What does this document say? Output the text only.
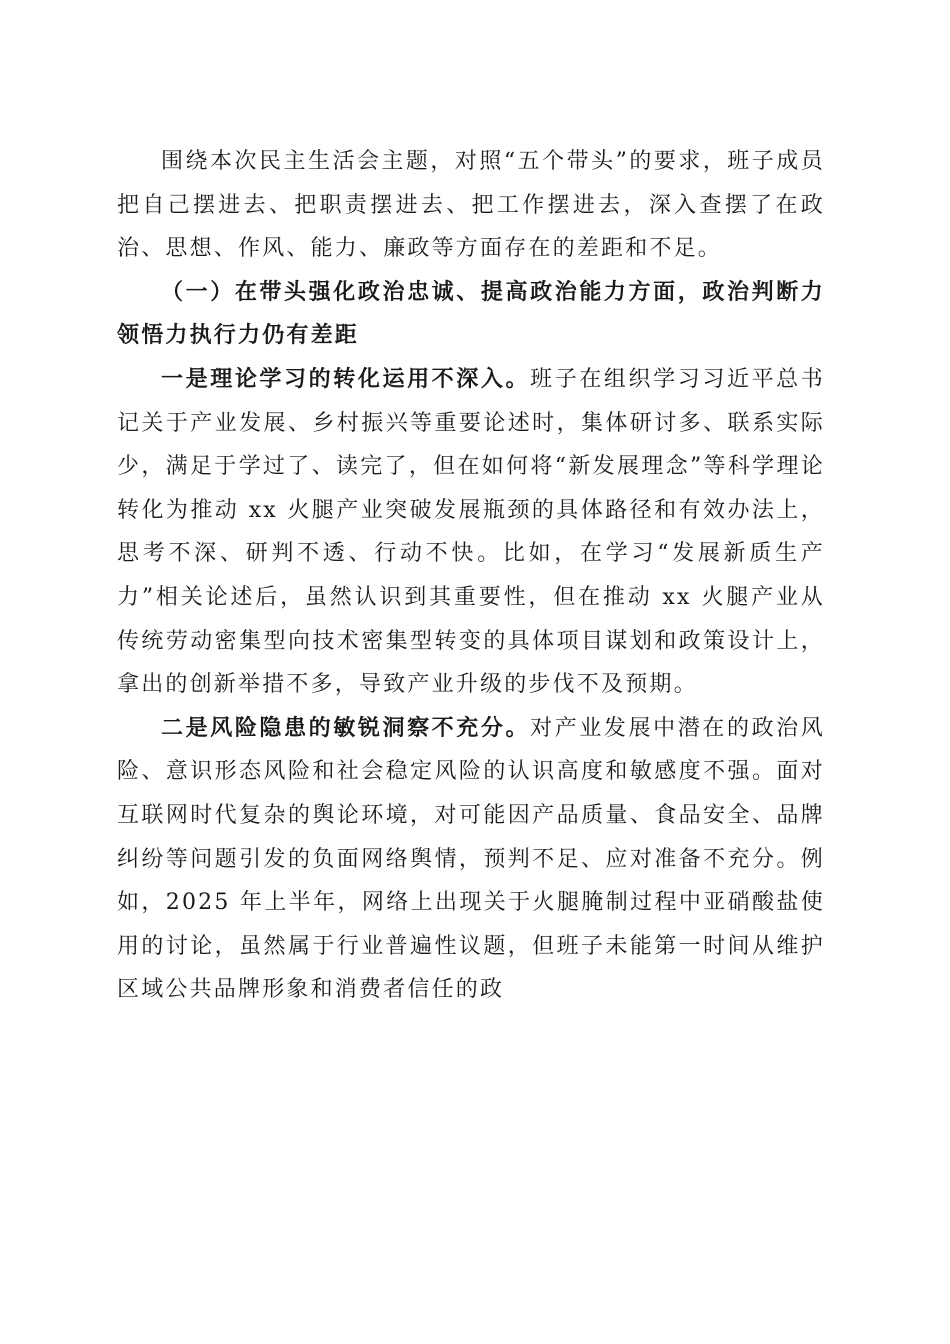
围绕本次民主生活会主题，对照“五个带头”的要求，班子成员把自己摆进去、把职责摆进去、把工作摆进去，深入查摆了在政治、思想、作风、能力、廉政等方面存在的差距和不足。

（一）在带头强化政治忠诚、提高政治能力方面，政治判断力领悟力执行力仍有差距

一是理论学习的转化运用不深入。班子在组织学习习近平总书记关于产业发展、乡村振兴等重要论述时，集体研讨多、联系实际少，满足于学过了、读完了，但在如何将“新发展理念”等科学理论转化为推动 xx 火腿产业突破发展瓶颈的具体路径和有效办法上，思考不深、研判不透、行动不快。比如，在学习“发展新质生产力”相关论述后，虽然认识到其重要性，但在推动 xx 火腿产业从传统劳动密集型向技术密集型转变的具体项目谋划和政策设计上，拿出的创新举措不多，导致产业升级的步伐不及预期。

二是风险隐患的敏锐洞察不充分。对产业发展中潜在的政治风险、意识形态风险和社会稳定风险的认识高度和敏感度不强。面对互联网时代复杂的舆论环境，对可能因产品质量、食品安全、品牌纠纷等问题引发的负面网络舆情，预判不足、应对准备不充分。例如，2025 年上半年，网络上出现关于火腿腌制过程中亚硝酸盐使用的讨论，虽然属于行业普遍性议题，但班子未能第一时间从维护区域公共品牌形象和消费者信任的政
